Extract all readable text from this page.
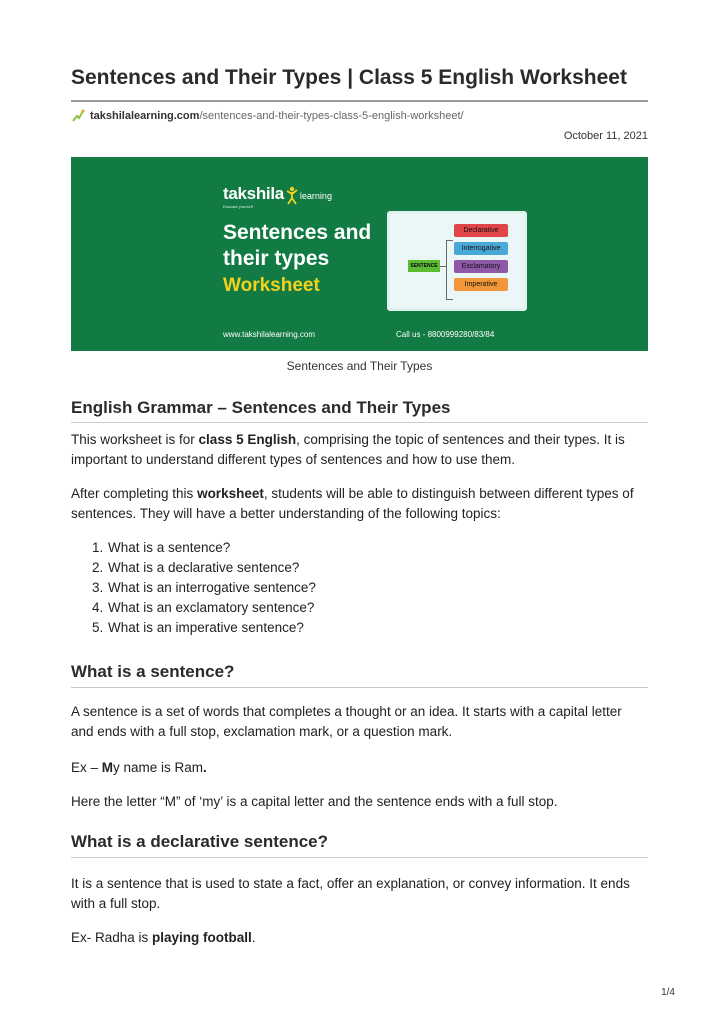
Sentences and Their Types | Class 5 English Worksheet
takshilalearning.com /sentences-and-their-types-class-5-english-worksheet/
October 11, 2021
takshila learning
Educate yourself
Sentences and their types
Worksheet
SENTENCE
Declarative
Interrogative
Exclamatory
Imperative
www.takshilalearning.com	Call us - 8800999280/83/84
Sentences and Their Types
English Grammar – Sentences and Their Types

This worksheet is for class 5 English, comprising the topic of sentences and their types. It is important to understand different types of sentences and how to use them.

After completing this worksheet, students will be able to distinguish between different types of sentences. They will have a better understanding of the following topics:

1. What is a sentence?
2. What is a declarative sentence?
3. What is an interrogative sentence?
4. What is an exclamatory sentence?
5. What is an imperative sentence?
What is a sentence?

A sentence is a set of words that completes a thought or an idea. It starts with a capital letter and ends with a full stop, exclamation mark, or a question mark.

Ex – My name is Ram.

Here the letter “M” of ‘my’ is a capital letter and the sentence ends with a full stop.

What is a declarative sentence?

It is a sentence that is used to state a fact, offer an explanation, or convey information. It ends with a full stop.

Ex- Radha is playing football.

1/4
